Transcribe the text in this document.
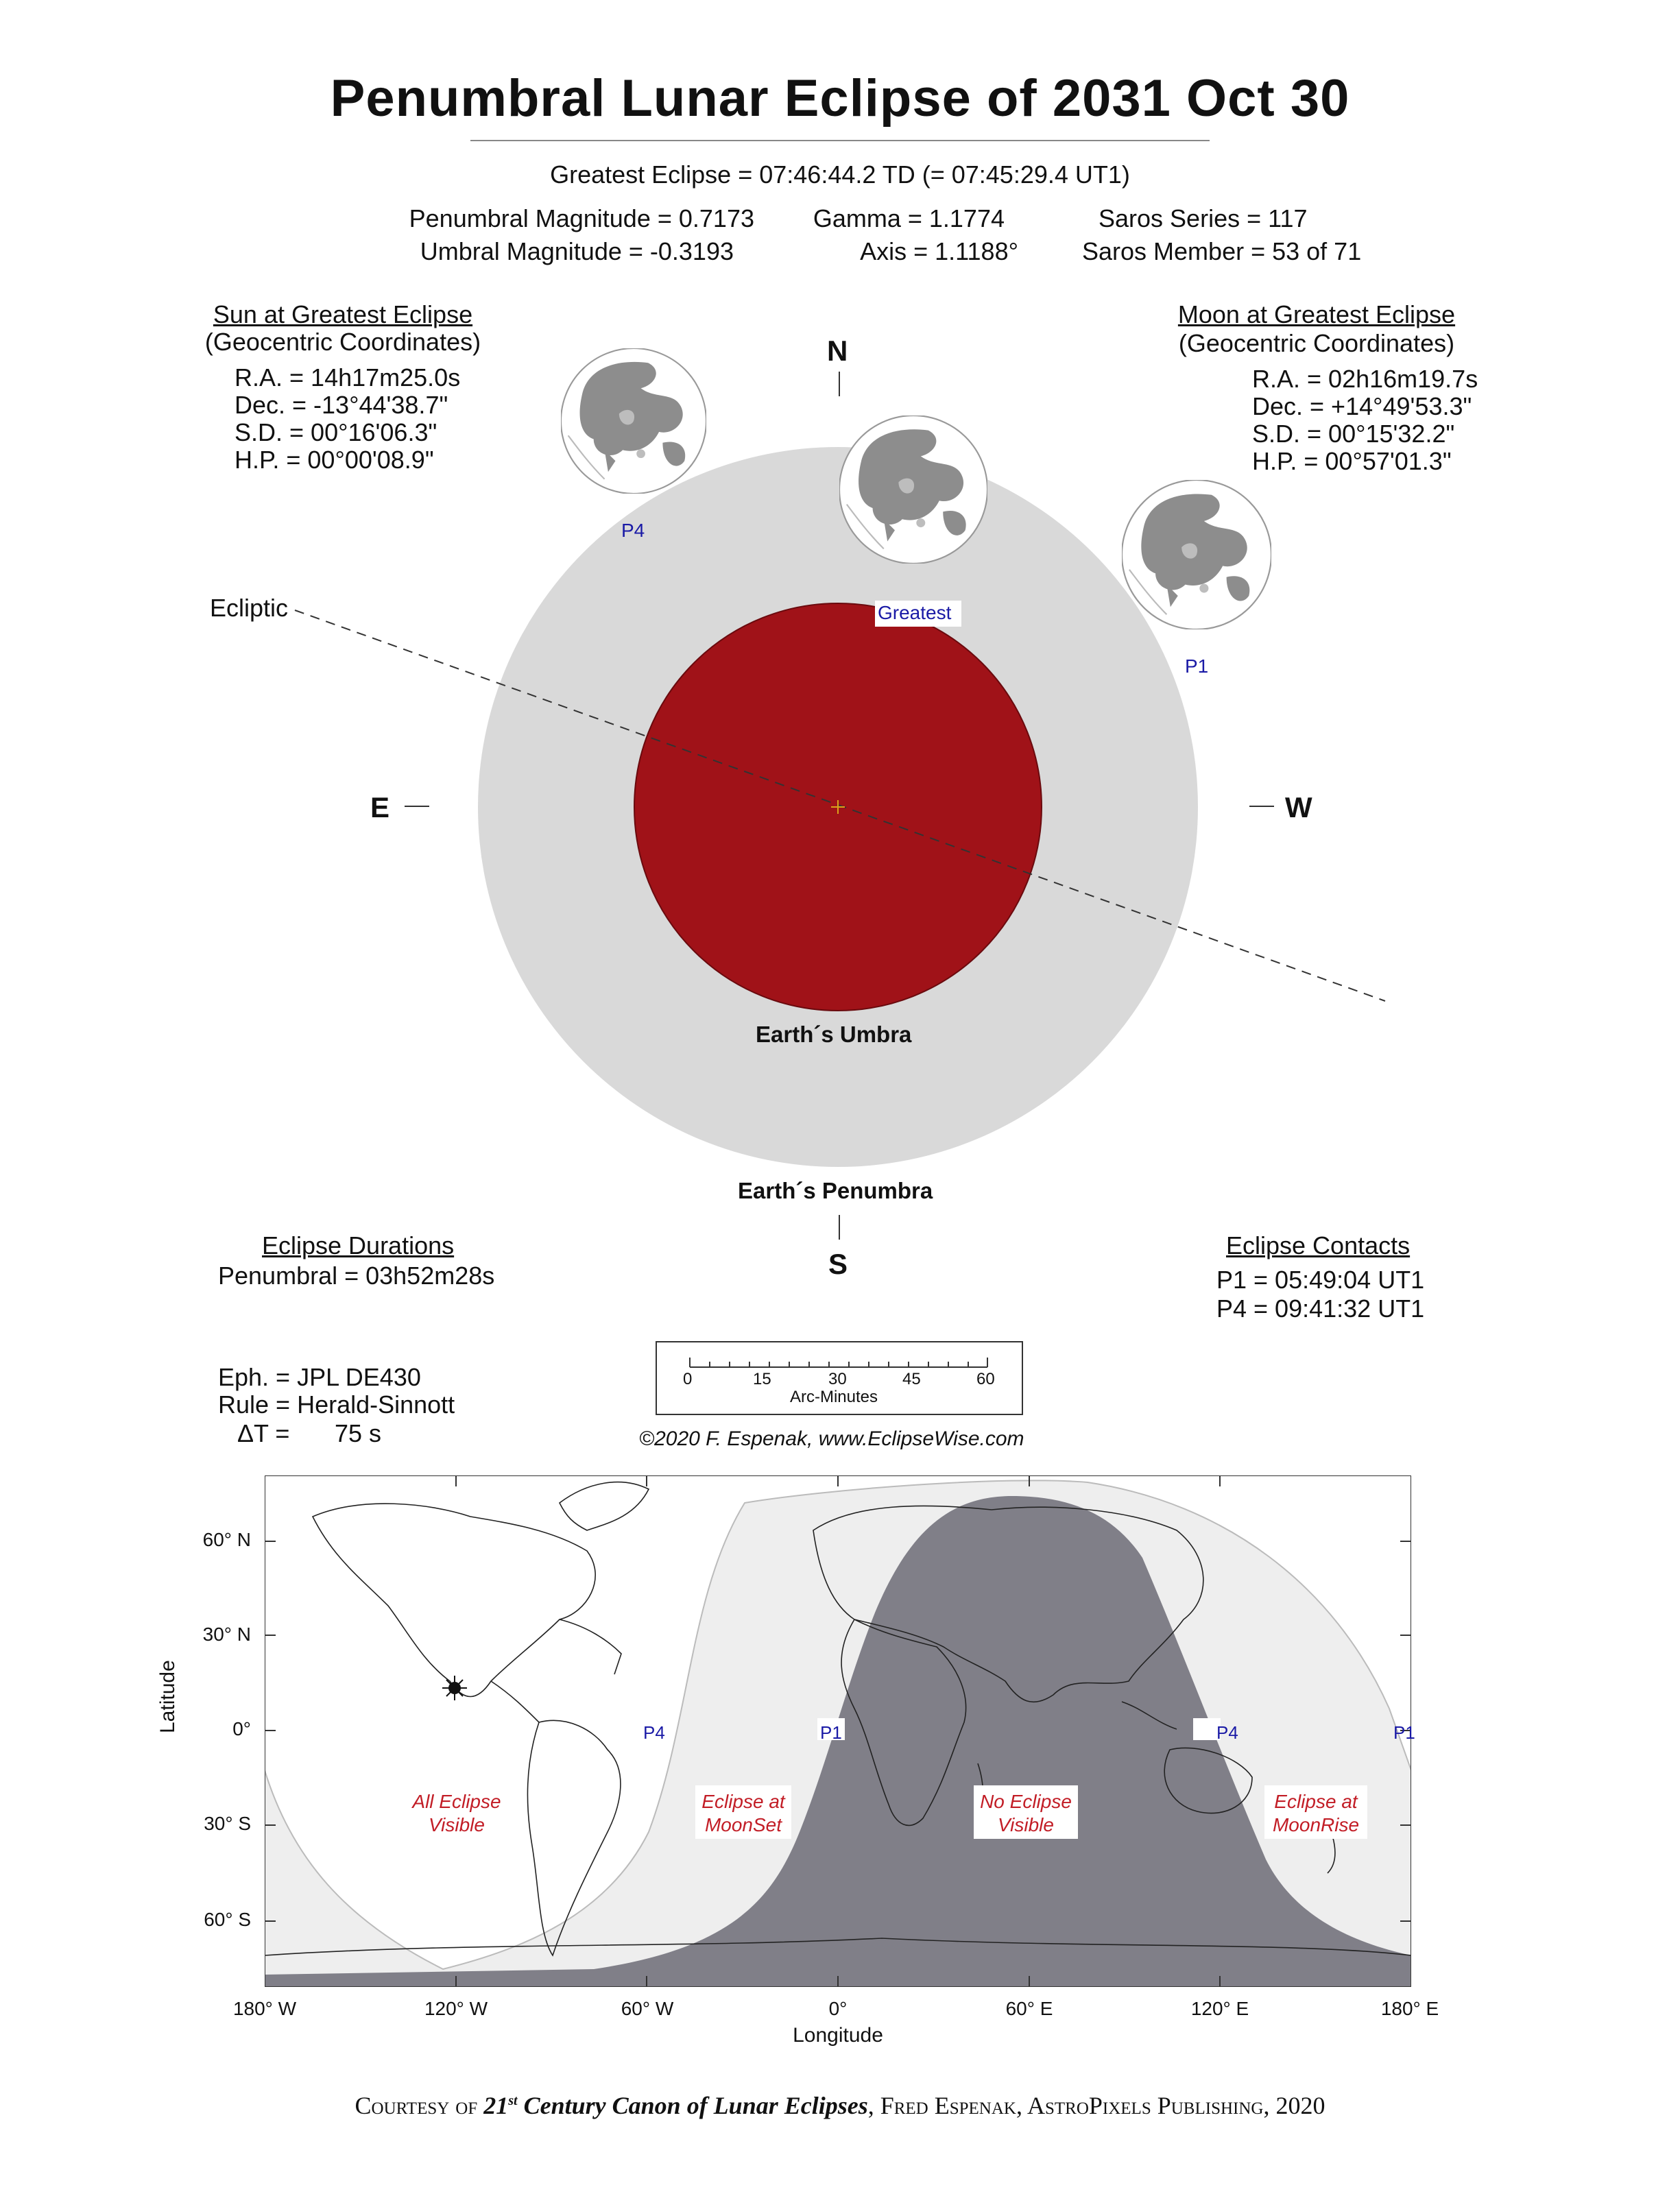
Penumbral Lunar Eclipse of 2031 Oct 30
Greatest Eclipse = 07:46:44.2 TD (= 07:45:29.4 UT1)
Penumbral Magnitude = 0.7173
Umbral Magnitude = -0.3193
Gamma = 1.1774
Axis = 1.1188°
Saros Series = 117
Saros Member = 53 of 71
Sun at Greatest Eclipse
(Geocentric Coordinates)
R.A. = 14h17m25.0s
Dec. = -13°44'38.7"
S.D. = 00°16'06.3"
H.P. = 00°00'08.9"
Moon at Greatest Eclipse
(Geocentric Coordinates)
R.A. = 02h16m19.7s
Dec. = +14°49'53.3"
S.D. = 00°15'32.2"
H.P. = 00°57'01.3"
N
S
E	W
Ecliptic
Earth´s Umbra
Earth´s Penumbra
P4
P1
Greatest
Eclipse Durations
Penumbral = 03h52m28s
Eclipse Contacts
P1 = 05:49:04 UT1
P4 = 09:41:32 UT1
Eph. = JPL DE430
Rule = Herald-Sinnott
ΔT = 75 s
0	15	30	45	60
Arc-Minutes
©2020 F. Espenak, www.EclipseWise.com
60° N
30° N
0°
30° S
60° S
Latitude
180° W	120° W	60° W	0°	60° E	120° E	180° E
Longitude
All Eclipse
Visible
Eclipse at
MoonSet
No Eclipse
Visible
Eclipse at
MoonRise
P4	P1	P4	P1
Courtesy of 21st Century Canon of Lunar Eclipses, Fred Espenak, AstroPixels Publishing, 2020
